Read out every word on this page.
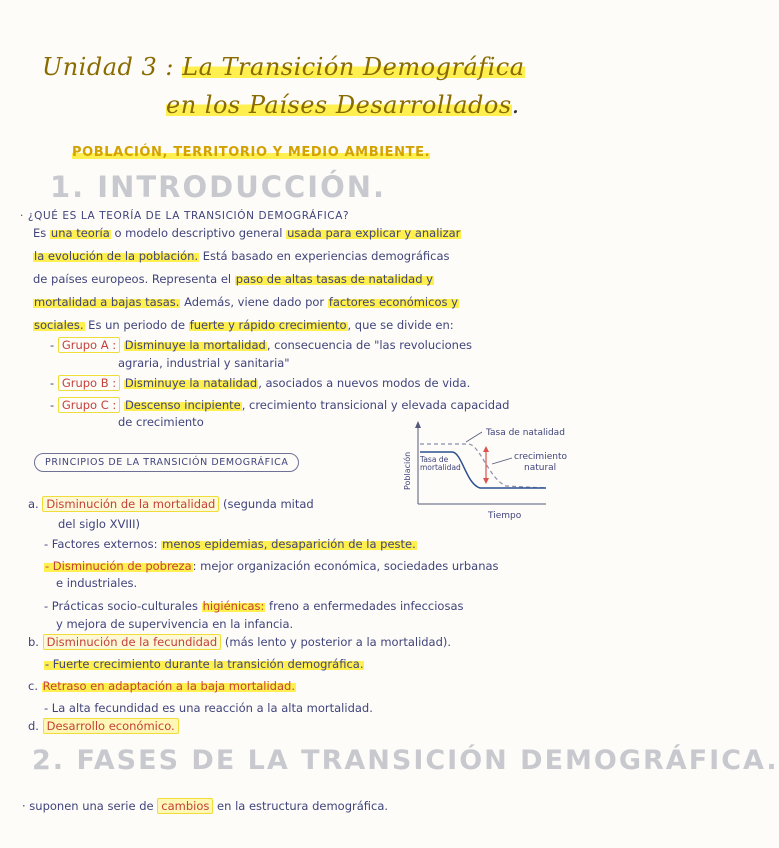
Unidad 3 : La Transición Demográfica
en los Países Desarrollados.
POBLACIÓN, TERRITORIO Y MEDIO AMBIENTE.
1. INTRODUCCIÓN.
· ¿QUÉ ES LA TEORÍA DE LA TRANSICIÓN DEMOGRÁFICA?
Es una teoría o modelo descriptivo general usada para explicar y analizar
la evolución de la población. Está basado en experiencias demográficas
de países europeos. Representa el paso de altas tasas de natalidad y
mortalidad a bajas tasas. Además, viene dado por factores económicos y
sociales. Es un periodo de fuerte y rápido crecimiento, que se divide en:
- Grupo A : Disminuye la mortalidad, consecuencia de "las revoluciones
agraria, industrial y sanitaria"
- Grupo B : Disminuye la natalidad, asociados a nuevos modos de vida.
- Grupo C : Descenso incipiente, crecimiento transicional y elevada capacidad
de crecimiento
PRINCIPIOS DE LA TRANSICIÓN DEMOGRÁFICA
Tasa de natalidad
Tasa de
mortalidad
crecimiento
natural
Población
Tiempo
a. Disminución de la mortalidad (segunda mitad
del siglo XVIII)
- Factores externos: menos epidemias, desaparición de la peste.
- Disminución de pobreza: mejor organización económica, sociedades urbanas
e industriales.
- Prácticas socio-culturales higiénicas: freno a enfermedades infecciosas
y mejora de supervivencia en la infancia.
b. Disminución de la fecundidad (más lento y posterior a la mortalidad).
- Fuerte crecimiento durante la transición demográfica.
c. Retraso en adaptación a la baja mortalidad.
- La alta fecundidad es una reacción a la alta mortalidad.
d. Desarrollo económico.
2. FASES DE LA TRANSICIÓN DEMOGRÁFICA.
· suponen una serie de cambios en la estructura demográfica.
